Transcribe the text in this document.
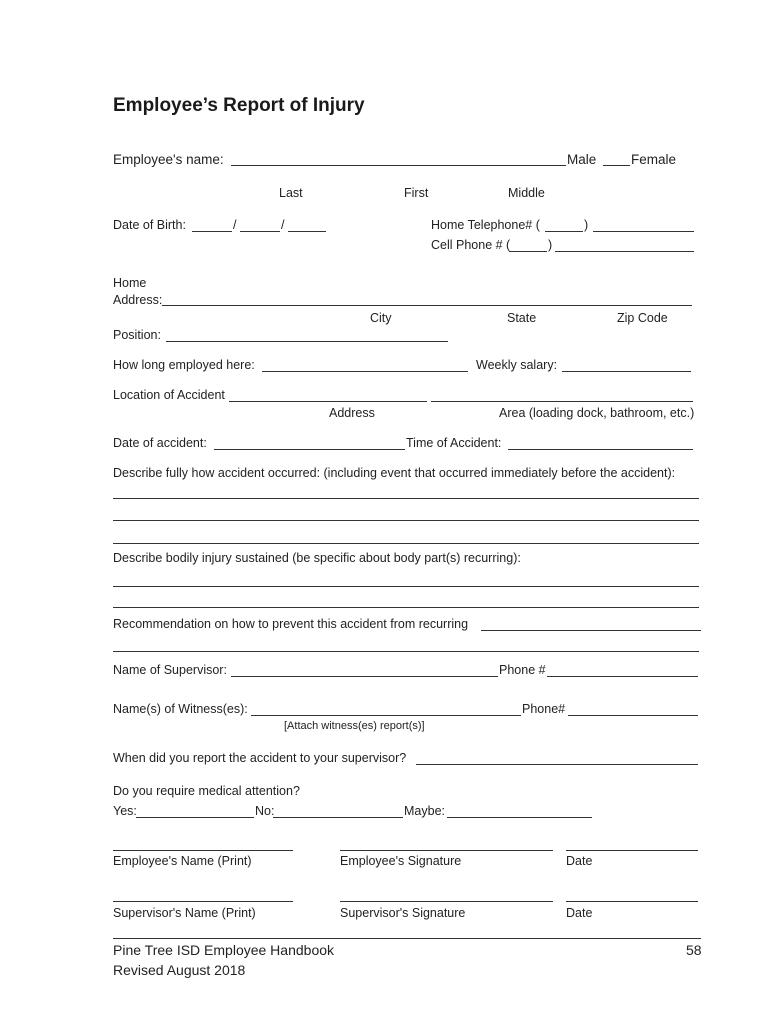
Employee’s Report of Injury
Employee's name:	Male	Female
Last	First	Middle
Date of Birth:	/	/	Home Telephone# (	)
Cell Phone # (	)
Home
Address:
City	State	Zip Code
Position:
How long employed here:	Weekly salary:
Location of Accident
Address	Area (loading dock, bathroom, etc.)
Date of accident:	Time of Accident:
Describe fully how accident occurred: (including event that occurred immediately before the accident):
Describe bodily injury sustained (be specific about body part(s) recurring):
Recommendation on how to prevent this accident from recurring
Name of Supervisor:	Phone #
Name(s) of Witness(es):	Phone#
[Attach witness(es) report(s)]
When did you report the accident to your supervisor?
Do you require medical attention?
Yes:	No:	Maybe:
Employee's Name (Print)	Employee's Signature	Date
Supervisor's Name (Print)	Supervisor's Signature	Date
Pine Tree ISD Employee Handbook
Revised August 2018
58
